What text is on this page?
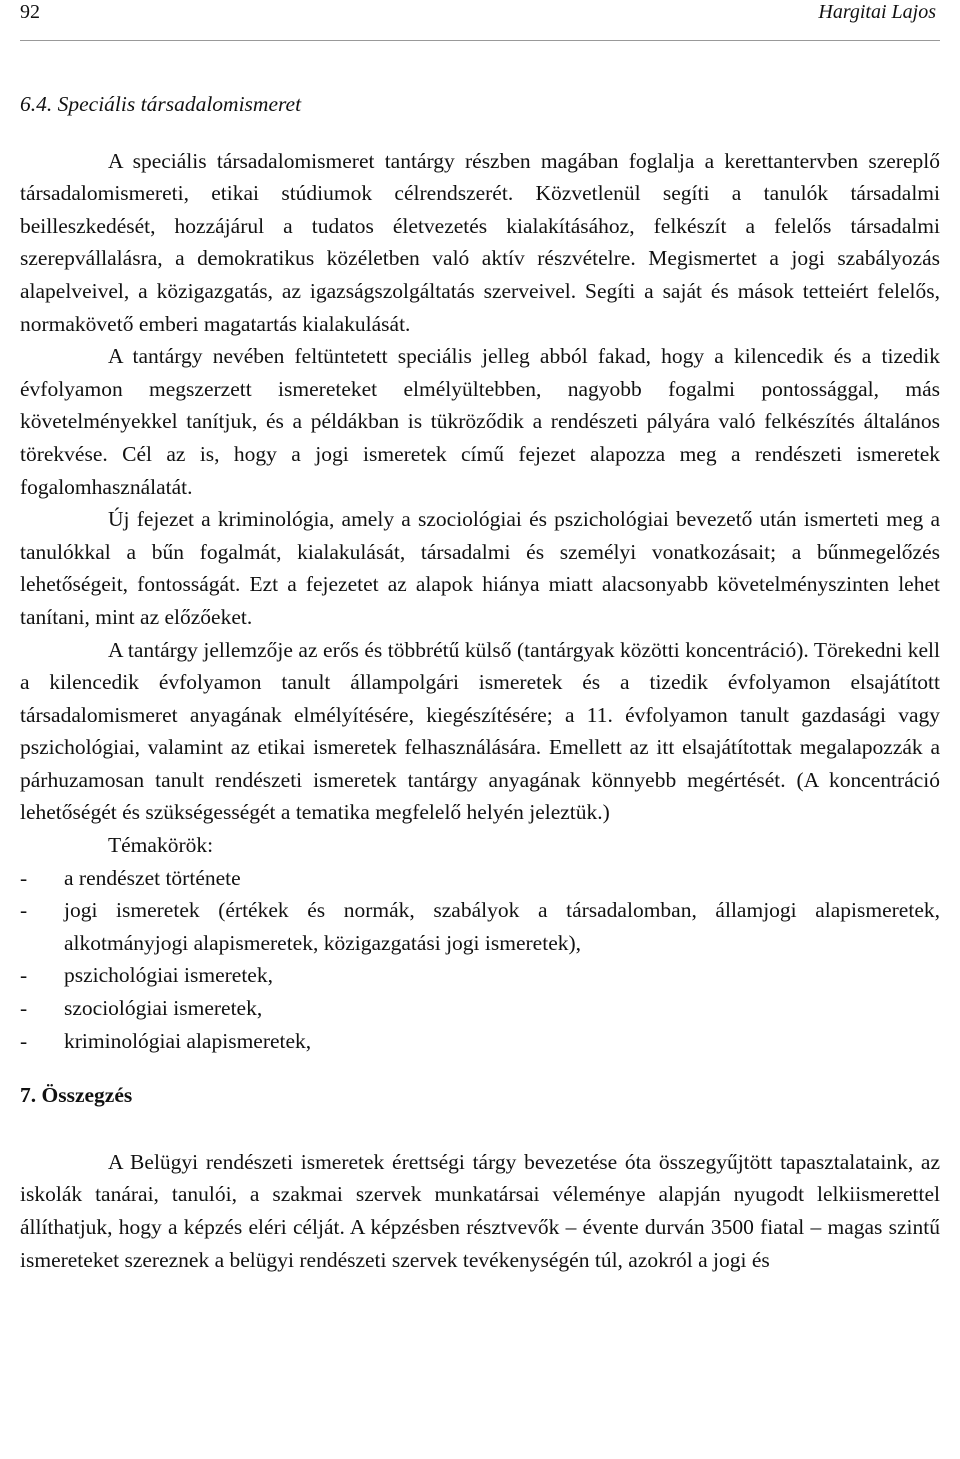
92	Hargitai Lajos
6.4. Speciális társadalomismeret

A speciális társadalomismeret tantárgy részben magában foglalja a kerettantervben szereplő társadalomismereti, etikai stúdiumok célrendszerét. Közvetlenül segíti a tanulók társadalmi beilleszkedését, hozzájárul a tudatos életvezetés kialakításához, felkészít a felelős társadalmi szerepvállalásra, a demokratikus közéletben való aktív részvételre. Megismertet a jogi szabályozás alapelveivel, a közigazgatás, az igazságszolgáltatás szerveivel. Segíti a saját és mások tetteiért felelős, normakövető emberi magatartás kialakulását.

A tantárgy nevében feltüntetett speciális jelleg abból fakad, hogy a kilencedik és a tizedik évfolyamon megszerzett ismereteket elmélyültebben, nagyobb fogalmi pontossággal, más követelményekkel tanítjuk, és a példákban is tükröződik a rendészeti pályára való felkészítés általános törekvése. Cél az is, hogy a jogi ismeretek című fejezet alapozza meg a rendészeti ismeretek fogalomhasználatát.

Új fejezet a kriminológia, amely a szociológiai és pszichológiai bevezető után ismerteti meg a tanulókkal a bűn fogalmát, kialakulását, társadalmi és személyi vonatkozásait; a bűnmegelőzés lehetőségeit, fontosságát. Ezt a fejezetet az alapok hiánya miatt alacsonyabb követelményszinten lehet tanítani, mint az előzőeket.

A tantárgy jellemzője az erős és többrétű külső (tantárgyak közötti koncentráció). Törekedni kell a kilencedik évfolyamon tanult állampolgári ismeretek és a tizedik évfolyamon elsajátított társadalomismeret anyagának elmélyítésére, kiegészítésére; a 11. évfolyamon tanult gazdasági vagy pszichológiai, valamint az etikai ismeretek felhasználására. Emellett az itt elsajátítottak megalapozzák a párhuzamosan tanult rendészeti ismeretek tantárgy anyagának könnyebb megértését. (A koncentráció lehetőségét és szükségességét a tematika megfelelő helyén jeleztük.)

Témakörök:
- a rendészet története
- jogi ismeretek (értékek és normák, szabályok a társadalomban, államjogi alapismeretek, alkotmányjogi alapismeretek, közigazgatási jogi ismeretek),
- pszichológiai ismeretek,
- szociológiai ismeretek,
- kriminológiai alapismeretek,
7. Összegzés

A Belügyi rendészeti ismeretek érettségi tárgy bevezetése óta összegyűjtött tapasztalataink, az iskolák tanárai, tanulói, a szakmai szervek munkatársai véleménye alapján nyugodt lelkiismerettel állíthatjuk, hogy a képzés eléri célját. A képzésben résztvevők – évente durván 3500 fiatal – magas szintű ismereteket szereznek a belügyi rendészeti szervek tevékenységén túl, azokról a jogi és
